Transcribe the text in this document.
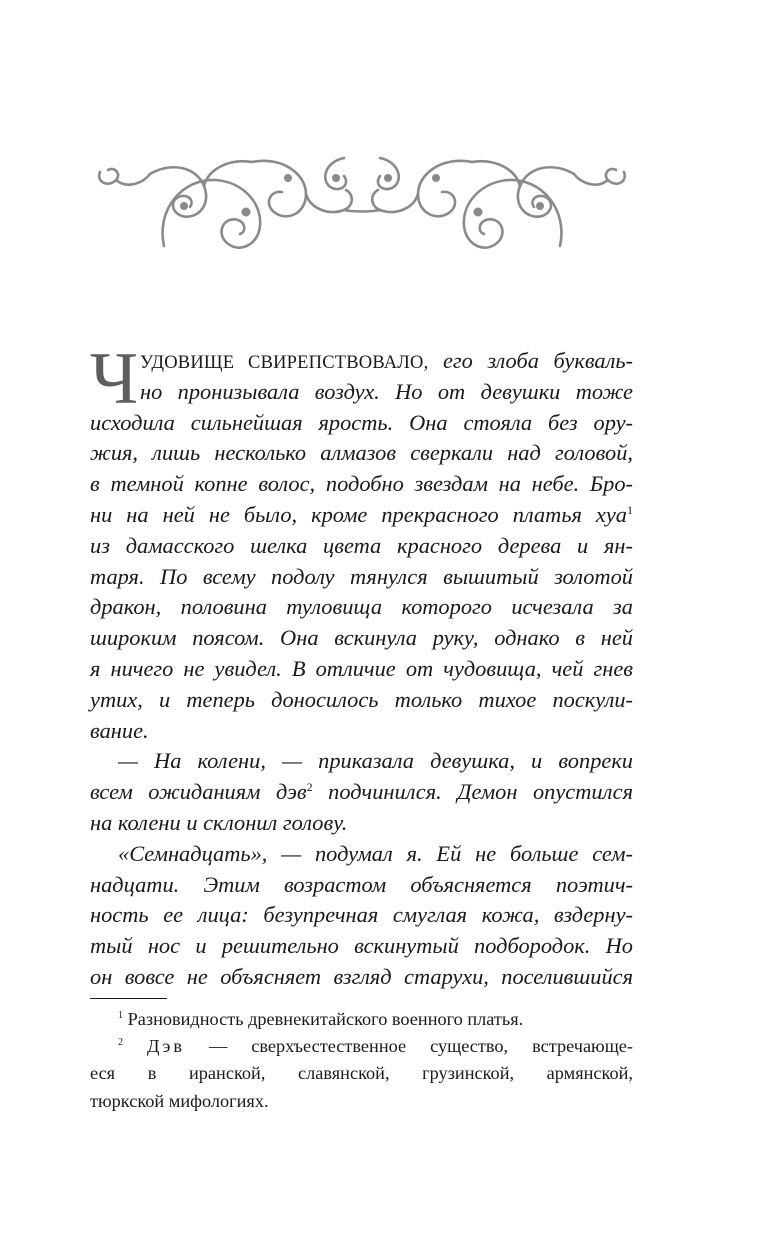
Ч УДОВИЩЕ СВИРЕПСТВОВАЛО, его злоба букваль-
но пронизывала воздух. Но от девушки тоже
исходила сильнейшая ярость. Она стояла без ору-
жия, лишь несколько алмазов сверкали над головой,
в темной копне волос, подобно звездам на небе. Бро-
ни на ней не было, кроме прекрасного платья хуа$^1$
из дамасского шелка цвета красного дерева и ян-
таря. По всему подолу тянулся вышитый золотой
дракон, половина туловища которого исчезала за
широким поясом. Она вскинула руку, однако в ней
я ничего не увидел. В отличие от чудовища, чей гнев
утих, и теперь доносилось только тихое поскули-
вание.
— На колени, — приказала девушка, и вопреки
всем ожиданиям дэв$^2$ подчинился. Демон опустился
на колени и склонил голову.
«Семнадцать», — подумал я. Ей не больше сем-
надцати. Этим возрастом объясняется поэтич-
ность ее лица: безупречная смуглая кожа, вздерну-
тый нос и решительно вскинутый подбородок. Но
он вовсе не объясняет взгляд старухи, поселившийся
$^1$ Разновидность древнекитайского военного платья.
$^2$ Дэв — сверхъестественное существо, встречающе-
еся в иранской, славянской, грузинской, армянской,
тюркской мифологиях.
